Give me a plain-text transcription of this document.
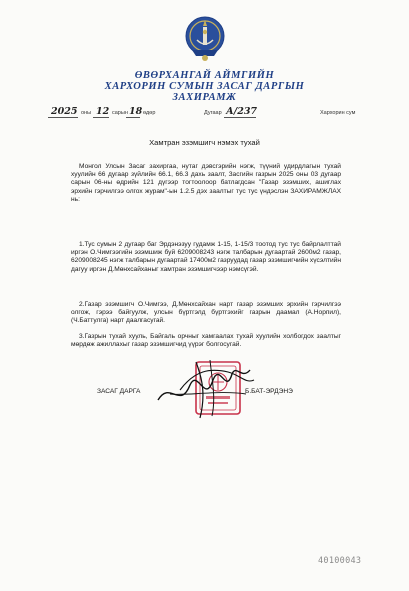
ӨВӨРХАНГАЙ АЙМГИЙН
ХАРХОРИН СУМЫН ЗАСАГ ДАРГЫН
ЗАХИРАМЖ
2025 оны 12 сарын 18 өдөр	Дугаар А/237	Хархорин сум
Хамтран эзэмшигч нэмэх тухай

Монгол Улсын Засаг захиргаа, нутаг дэвсгэрийн нэгж, түүний удирдлагын тухай хуулийн 66 дугаар зүйлийн 66.1, 66.3 дахь заалт, Засгийн газрын 2025 оны 03 дугаар сарын 06-ны өдрийн 121 дүгээр тогтоолоор батлагдсан "Газар эзэмших, ашиглах эрхийн гэрчилгээ олгох журам"-ын 1.2.5 дэх заалтыг тус тус үндэслэн ЗАХИРАМЖЛАХ нь:

1.Тус сумын 2 дугаар баг Эрдэнэзуу гудамж 1-15, 1-15/3 тоотод тус тус байрлалттай иргэн О.Чимгээгийн эзэмшиж буй 6209008243 нэгж талбарын дугаартай 2600м2 газар, 6209008245 нэгж талбарын дугаартай 17400м2 газруудад газар эзэмшигчийн хүсэлтийн дагуу иргэн Д.Мөнхсайханыг хамтран эзэмшигчээр нэмсүгэй.

2.Газар эзэмшигч О.Чимгээ, Д.Мөнхсайхан нарт газар эзэмших эрхийн гэрчилгээ олгож, гэрээ байгуулж, улсын бүртгэлд бүртгэхийг газрын даамал (А.Норпил), (Ч.Баттулга) нарт даалгасугай.

3.Газрын тухай хууль, Байгаль орчныг хамгаалах тухай хуулийн холбогдох заалтыг мөрдөж ажиллахыг газар эзэмшигчид үүрэг болгосугай.

ЗАСАГ ДАРГА	Б.БАТ-ЭРДЭНЭ
40100043
